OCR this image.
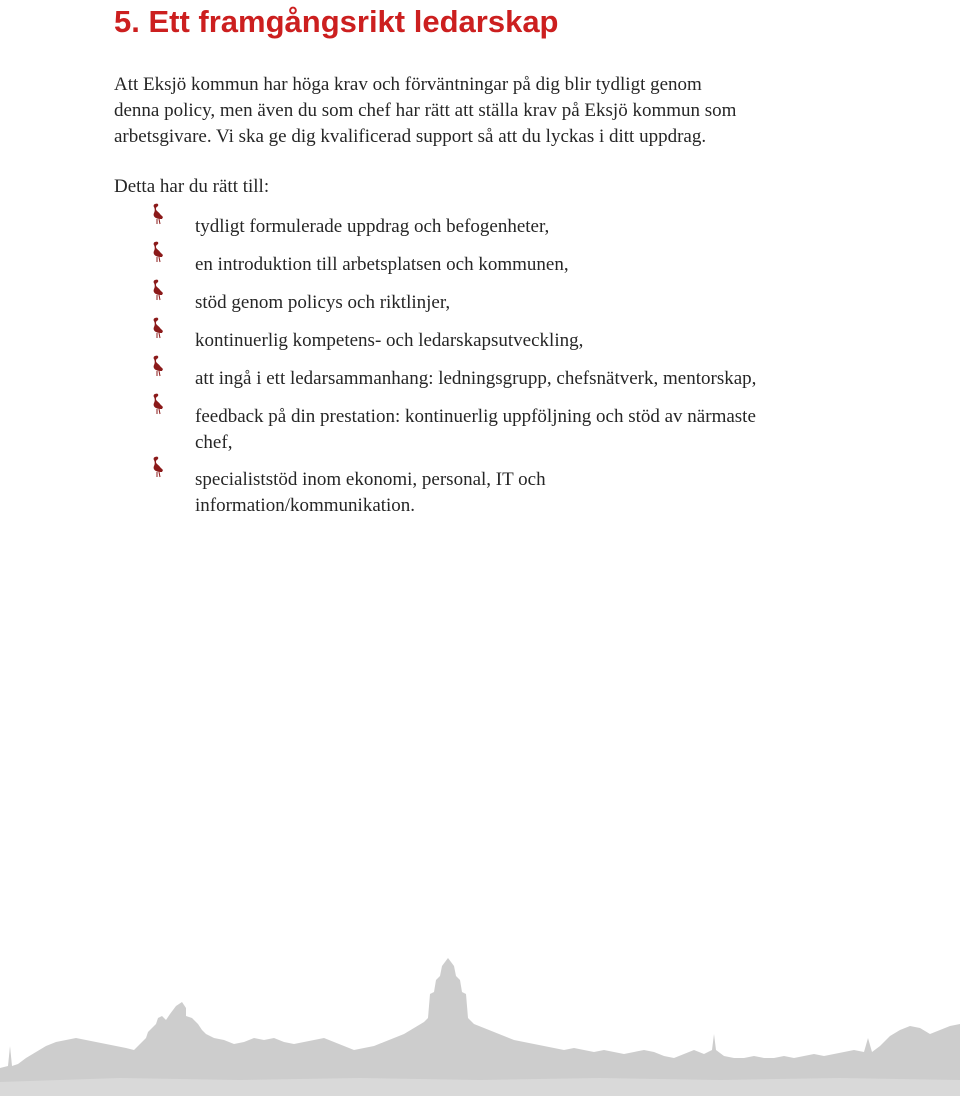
5. Ett framgångsrikt ledarskap

Att Eksjö kommun har höga krav och förväntningar på dig blir tydligt genom
denna policy, men även du som chef har rätt att ställa krav på Eksjö kommun som
arbetsgivare. Vi ska ge dig kvalificerad support så att du lyckas i ditt uppdrag.

Detta har du rätt till:

tydligt formulerade uppdrag och befogenheter,
en introduktion till arbetsplatsen och kommunen,
stöd genom policys och riktlinjer,
kontinuerlig kompetens- och ledarskapsutveckling,
att ingå i ett ledarsammanhang: ledningsgrupp, chefsnätverk, mentorskap,
feedback på din prestation: kontinuerlig uppföljning och stöd av närmaste
chef,
specialiststöd inom ekonomi, personal, IT och
information/kommunikation.
